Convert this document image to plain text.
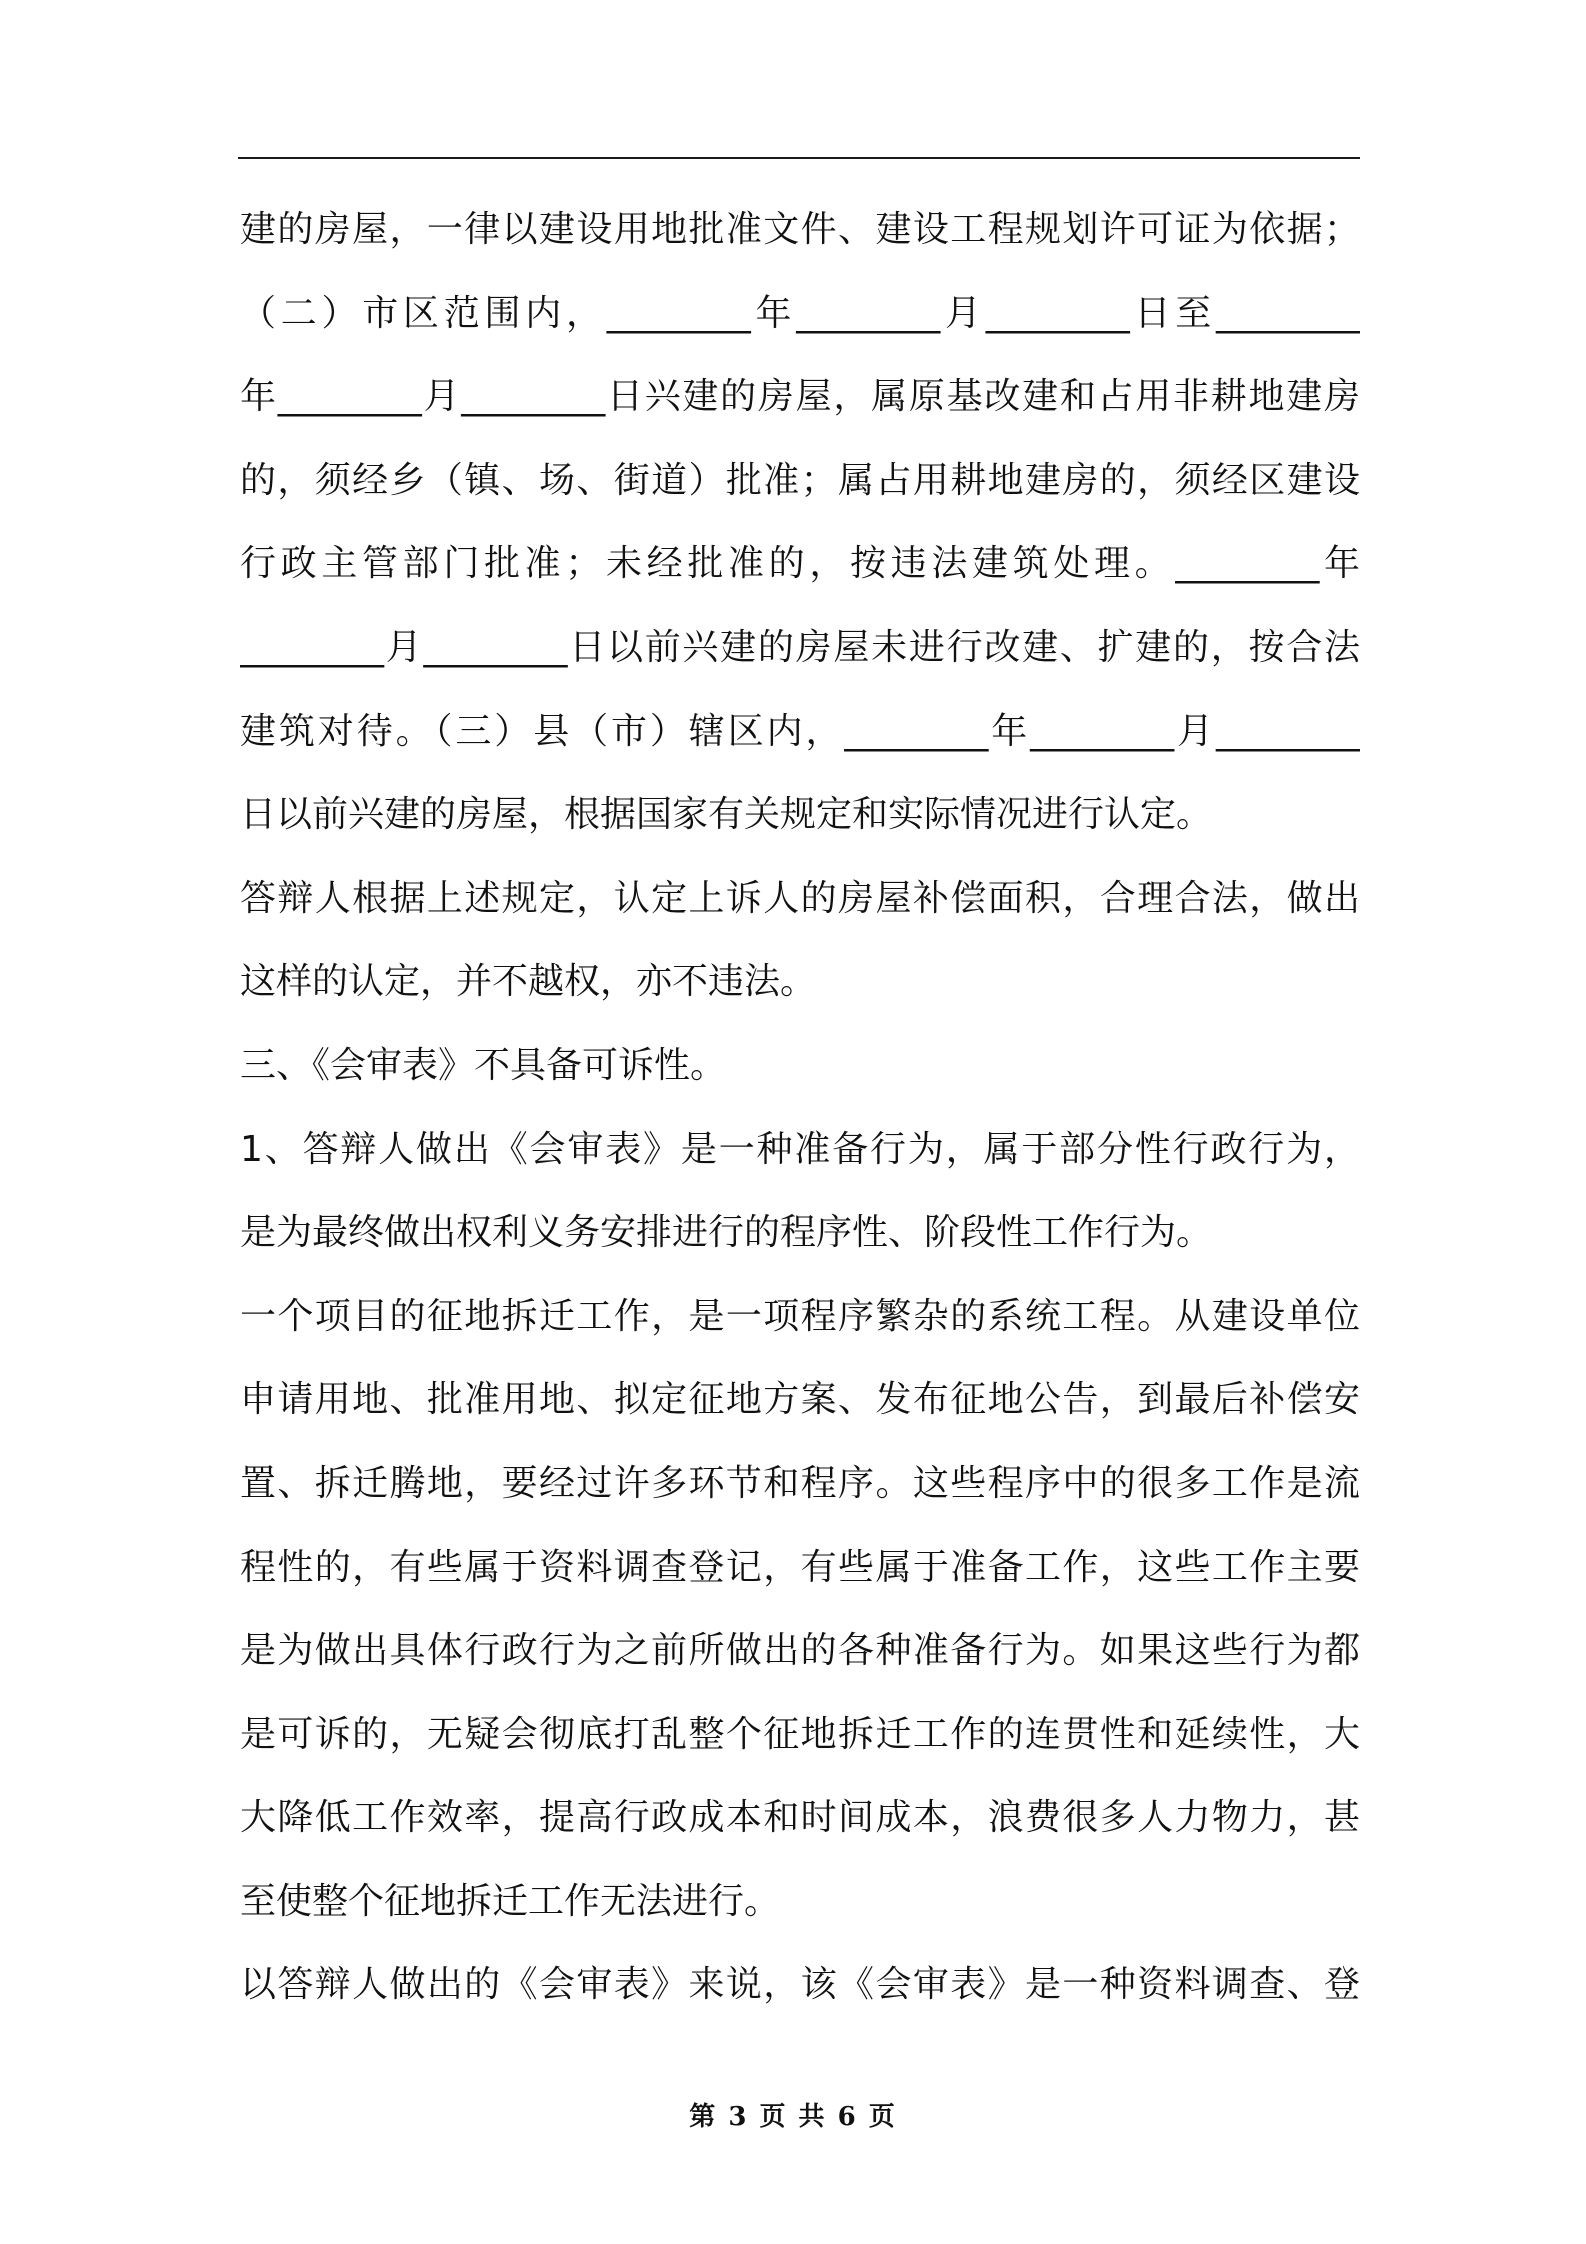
建的房屋，一律以建设用地批准文件、建设工程规划许可证为依据；
（二）市区范围内，________年________月________日至________
年________月________日兴建的房屋，属原基改建和占用非耕地建房
的，须经乡（镇、场、街道）批准；属占用耕地建房的，须经区建设
行政主管部门批准；未经批准的，按违法建筑处理。________年
________月________日以前兴建的房屋未进行改建、扩建的，按合法
建筑对待。（三）县（市）辖区内，________年________月________
日以前兴建的房屋，根据国家有关规定和实际情况进行认定。
答辩人根据上述规定，认定上诉人的房屋补偿面积，合理合法，做出
这样的认定，并不越权，亦不违法。
三、《会审表》不具备可诉性。
1、答辩人做出《会审表》是一种准备行为，属于部分性行政行为，
是为最终做出权利义务安排进行的程序性、阶段性工作行为。
一个项目的征地拆迁工作，是一项程序繁杂的系统工程。从建设单位
申请用地、批准用地、拟定征地方案、发布征地公告，到最后补偿安
置、拆迁腾地，要经过许多环节和程序。这些程序中的很多工作是流
程性的，有些属于资料调查登记，有些属于准备工作，这些工作主要
是为做出具体行政行为之前所做出的各种准备行为。如果这些行为都
是可诉的，无疑会彻底打乱整个征地拆迁工作的连贯性和延续性，大
大降低工作效率，提高行政成本和时间成本，浪费很多人力物力，甚
至使整个征地拆迁工作无法进行。
以答辩人做出的《会审表》来说，该《会审表》是一种资料调查、登
第 3 页 共 6 页
